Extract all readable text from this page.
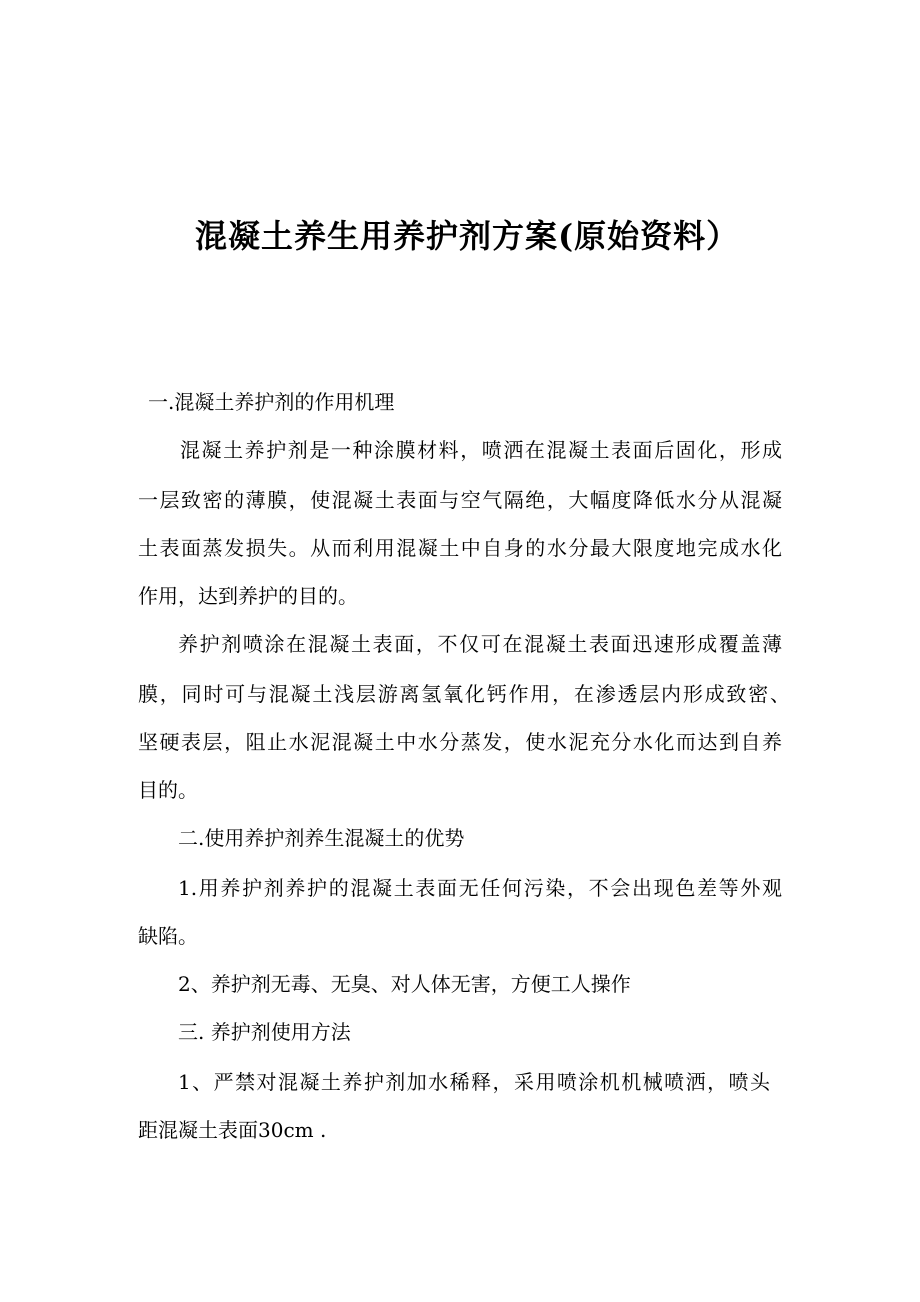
混凝土养生用养护剂方案(原始资料）

一.混凝土养护剂的作用机理

混凝土养护剂是一种涂膜材料，喷洒在混凝土表面后固化，形成

一层致密的薄膜，使混凝土表面与空气隔绝，大幅度降低水分从混凝

土表面蒸发损失。从而利用混凝土中自身的水分最大限度地完成水化

作用，达到养护的目的。

养护剂喷涂在混凝土表面，不仅可在混凝土表面迅速形成覆盖薄

膜，同时可与混凝土浅层游离氢氧化钙作用，在渗透层内形成致密、

坚硬表层，阻止水泥混凝土中水分蒸发，使水泥充分水化而达到自养

目的。

二.使用养护剂养生混凝土的优势

1.用养护剂养护的混凝土表面无任何污染，不会出现色差等外观

缺陷。

2、养护剂无毒、无臭、对人体无害，方便工人操作

三. 养护剂使用方法

1、严禁对混凝土养护剂加水稀释，采用喷涂机机械喷洒，喷头

距混凝土表面30cm .
